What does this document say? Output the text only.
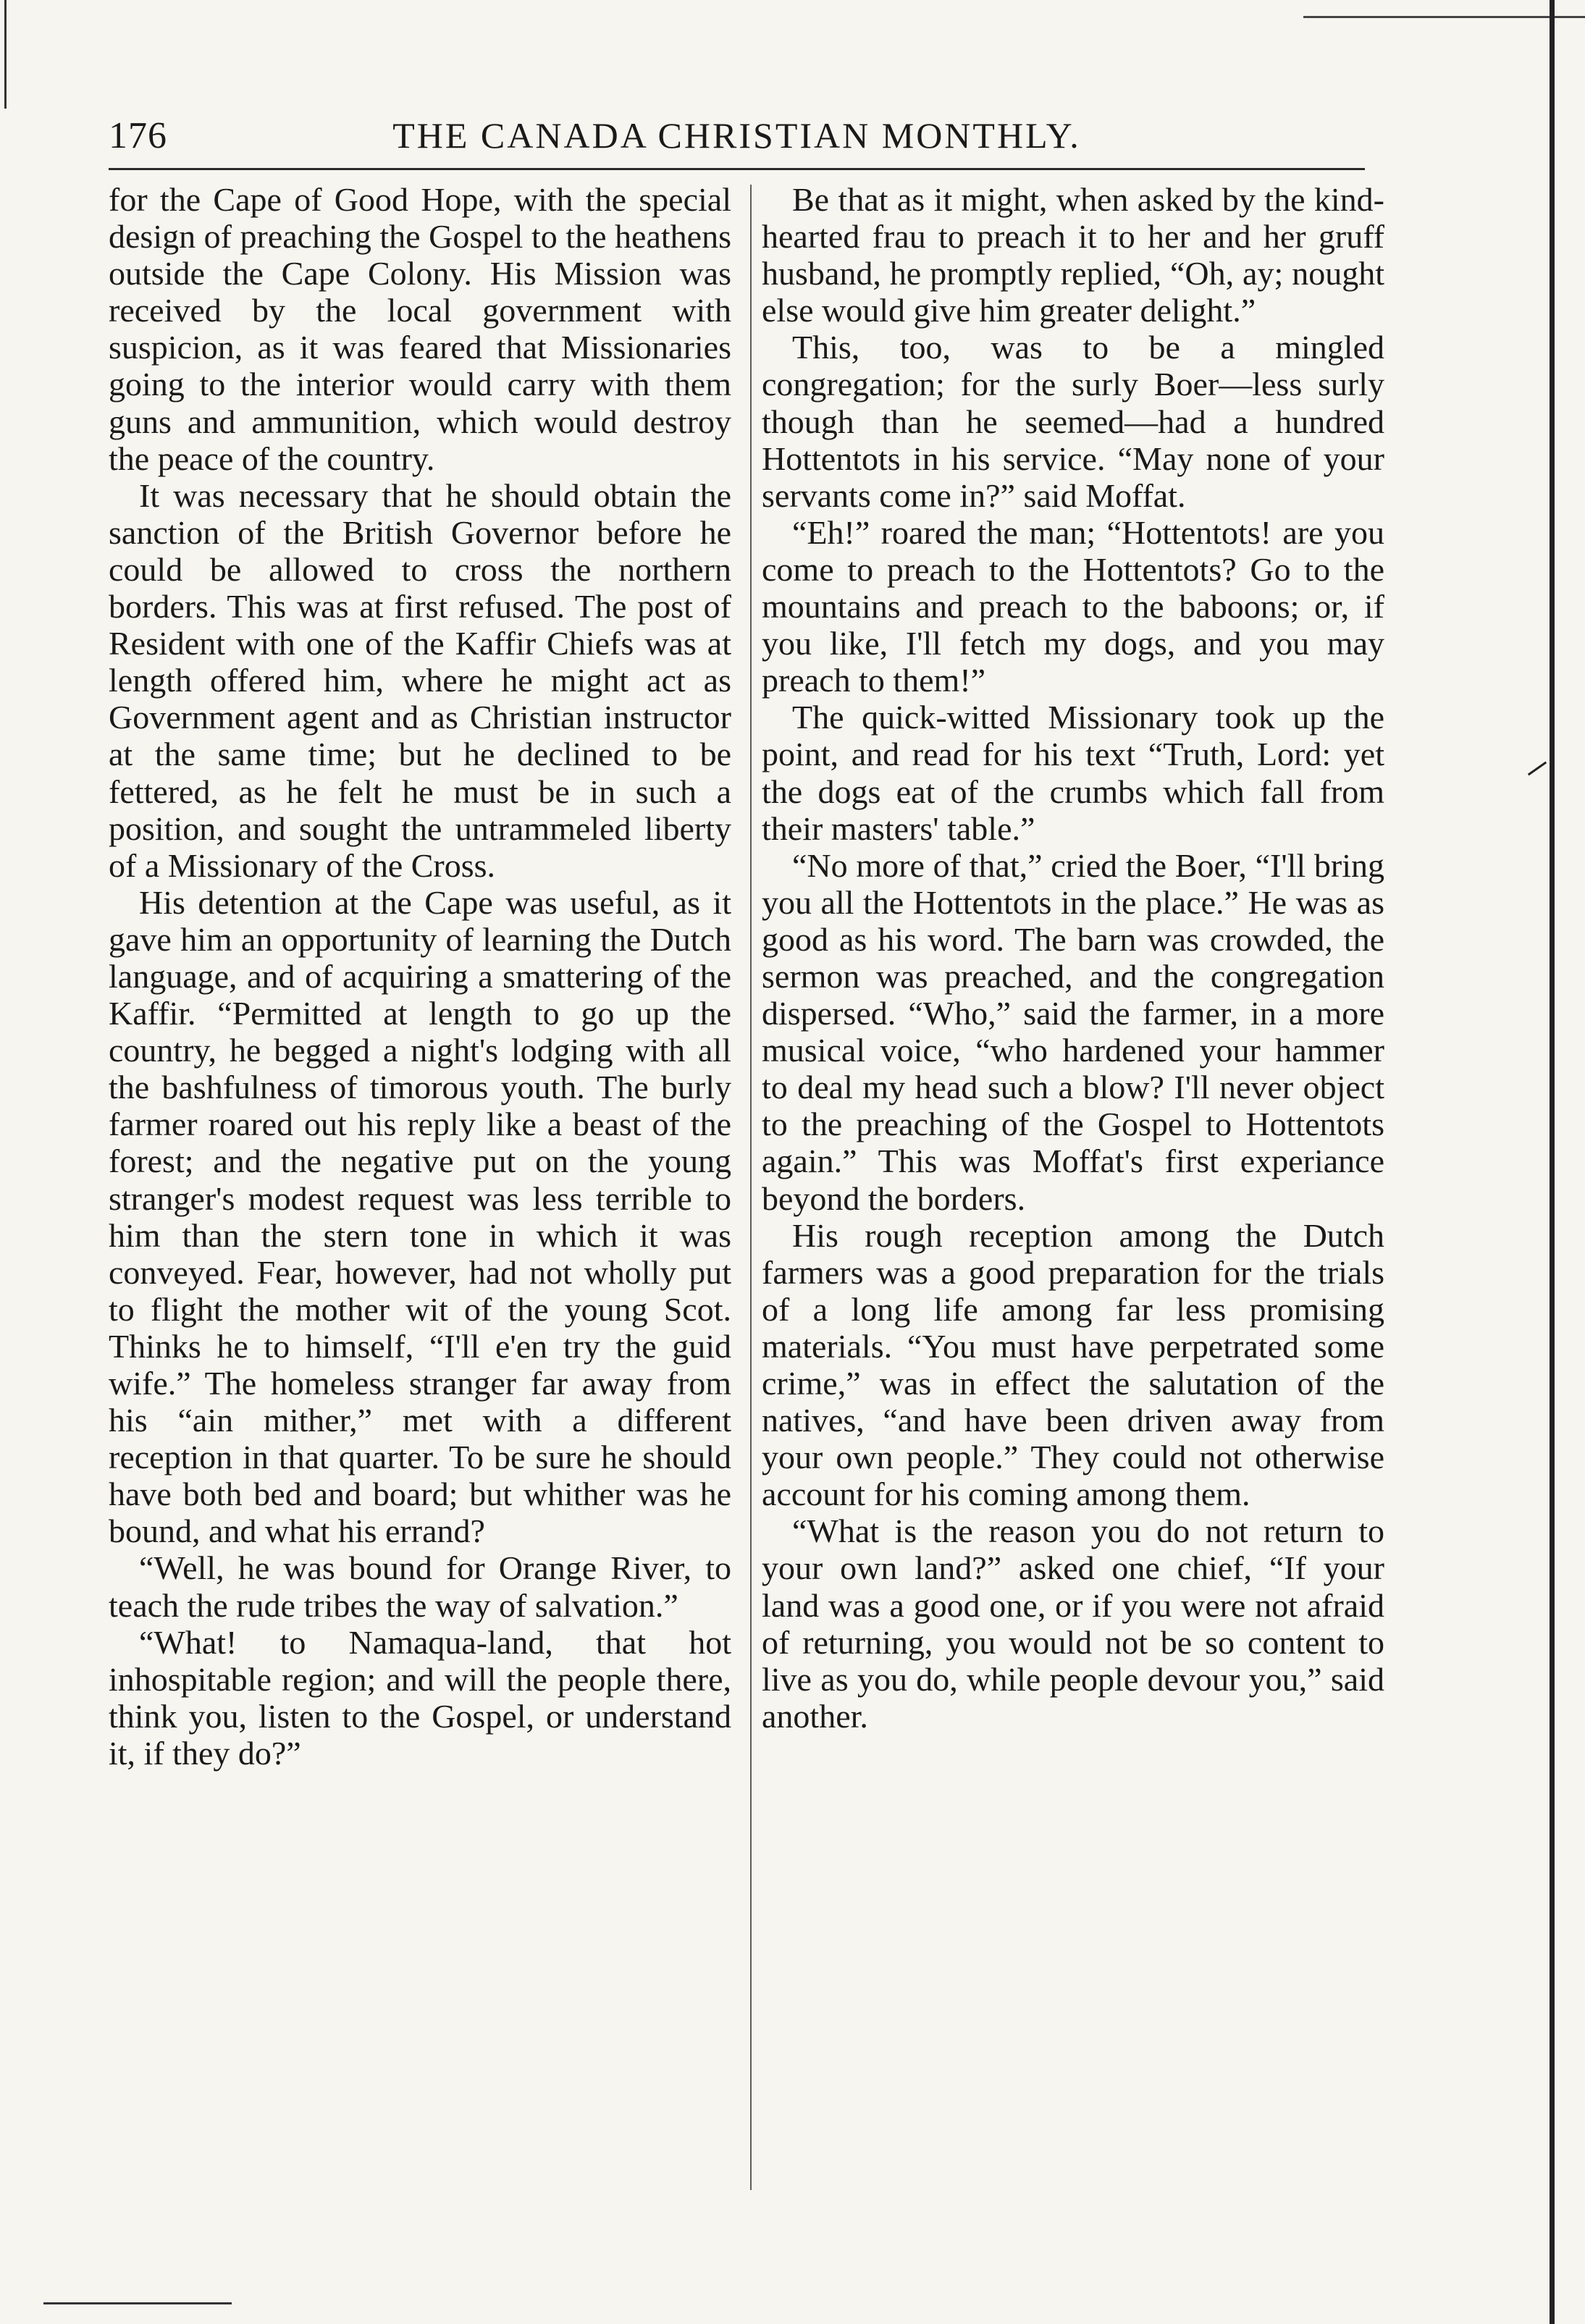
176	THE CANADA CHRISTIAN MONTHLY.

for the Cape of Good Hope, with the special design of preaching the Gospel to the heathens outside the Cape Colony. His Mission was received by the local government with suspicion, as it was feared that Missionaries going to the interior would carry with them guns and ammunition, which would destroy the peace of the country.

It was necessary that he should obtain the sanction of the British Governor before he could be allowed to cross the northern borders. This was at first refused. The post of Resident with one of the Kaffir Chiefs was at length offered him, where he might act as Government agent and as Christian instructor at the same time; but he declined to be fettered, as he felt he must be in such a position, and sought the untrammeled liberty of a Missionary of the Cross.

His detention at the Cape was useful, as it gave him an opportunity of learning the Dutch language, and of acquiring a smattering of the Kaffir. “Permitted at length to go up the country, he begged a night's lodging with all the bashfulness of timorous youth. The burly farmer roared out his reply like a beast of the forest; and the negative put on the young stranger's modest request was less terrible to him than the stern tone in which it was conveyed. Fear, however, had not wholly put to flight the mother wit of the young Scot. Thinks he to himself, “I'll e'en try the guid wife.” The homeless stranger far away from his “ain mither,” met with a different reception in that quarter. To be sure he should have both bed and board; but whither was he bound, and what his errand?

“Well, he was bound for Orange River, to teach the rude tribes the way of salvation.”

“What! to Namaqua-land, that hot inhospitable region; and will the people there, think you, listen to the Gospel, or understand it, if they do?”

Be that as it might, when asked by the kind-hearted frau to preach it to her and her gruff husband, he promptly replied, “Oh, ay; nought else would give him greater delight.”

This, too, was to be a mingled congregation; for the surly Boer—less surly though than he seemed—had a hundred Hottentots in his service. “May none of your servants come in?” said Moffat.

“Eh!” roared the man; “Hottentots! are you come to preach to the Hottentots? Go to the mountains and preach to the baboons; or, if you like, I'll fetch my dogs, and you may preach to them!”

The quick-witted Missionary took up the point, and read for his text “Truth, Lord: yet the dogs eat of the crumbs which fall from their masters' table.”

“No more of that,” cried the Boer, “I'll bring you all the Hottentots in the place.” He was as good as his word. The barn was crowded, the sermon was preached, and the congregation dispersed. “Who,” said the farmer, in a more musical voice, “who hardened your hammer to deal my head such a blow? I'll never object to the preaching of the Gospel to Hottentots again.” This was Moffat's first experiance beyond the borders.

His rough reception among the Dutch farmers was a good preparation for the trials of a long life among far less promising materials. “You must have perpetrated some crime,” was in effect the salutation of the natives, “and have been driven away from your own people.” They could not otherwise account for his coming among them.

“What is the reason you do not return to your own land?” asked one chief, “If your land was a good one, or if you were not afraid of returning, you would not be so content to live as you do, while people devour you,” said another.
